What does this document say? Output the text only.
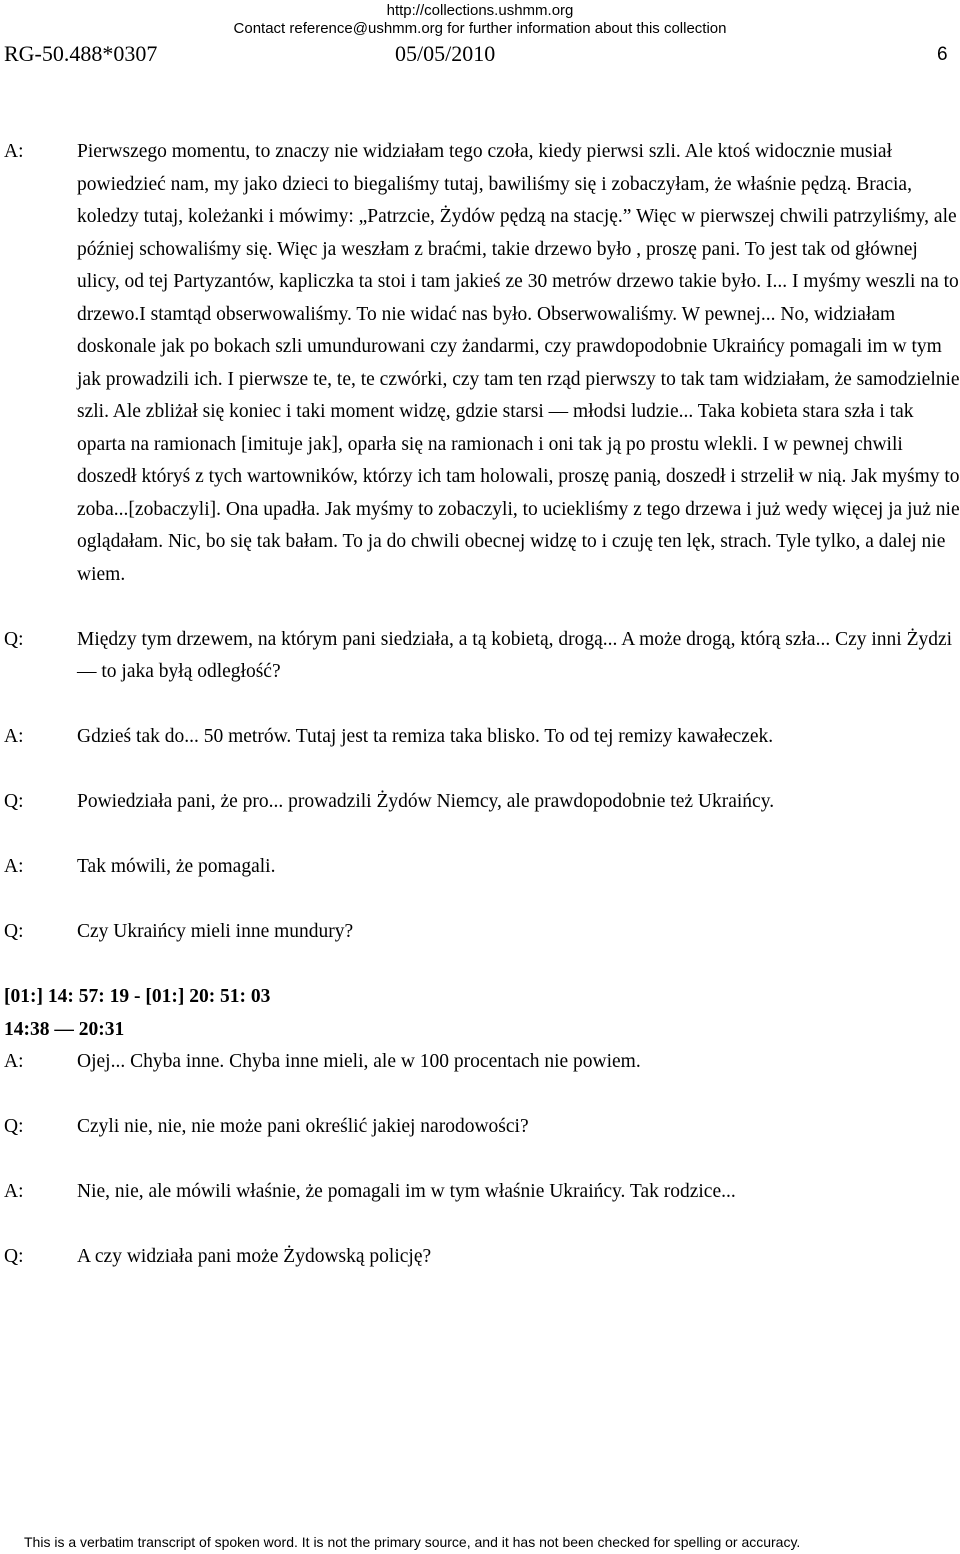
http://collections.ushmm.org
Contact reference@ushmm.org for further information about this collection
RG-50.488*0307	05/05/2010	6
A:	Pierwszego momentu, to znaczy nie widziałam tego czoła, kiedy pierwsi szli. Ale ktoś widocznie musiał powiedzieć nam, my jako dzieci to biegaliśmy tutaj, bawiliśmy się i zobaczyłam, że właśnie pędzą. Bracia, koledzy tutaj, koleżanki i mówimy: „Patrzcie, Żydów pędzą na stację.” Więc w pierwszej chwili patrzyliśmy, ale później schowaliśmy się. Więc ja weszłam z braćmi, takie drzewo było , proszę pani. To jest tak od głównej ulicy, od tej Partyzantów, kapliczka ta stoi i tam jakieś ze 30 metrów drzewo takie było. I... I myśmy weszli na to drzewo.I stamtąd obserwowaliśmy. To nie widać nas było. Obserwowaliśmy. W pewnej... No, widziałam doskonale jak po bokach szli umundurowani czy żandarmi, czy prawdopodobnie Ukraińcy pomagali im w tym jak prowadzili ich. I pierwsze te, te, te czwórki, czy tam ten rząd pierwszy to tak tam widziałam, że samodzielnie szli. Ale zbliżał się koniec i taki moment widzę, gdzie starsi — młodsi ludzie... Taka kobieta stara szła i tak oparta na ramionach [imituje jak], oparła się na ramionach i oni tak ją po prostu wlekli. I w pewnej chwili doszedł któryś z tych wartowników, którzy ich tam holowali, proszę panią, doszedł i strzelił w nią. Jak myśmy to zoba...[zobaczyli]. Ona upadła. Jak myśmy to zobaczyli, to uciekliśmy z tego drzewa i już wedy więcej ja już nie oglądałam. Nic, bo się tak bałam. To ja do chwili obecnej widzę to i czuję ten lęk, strach. Tyle tylko, a dalej nie wiem.
Q:	Między tym drzewem, na którym pani siedziała, a tą kobietą, drogą... A może drogą, którą szła... Czy inni Żydzi — to jaka byłą odległość?
A:	Gdzieś tak do... 50 metrów. Tutaj jest ta remiza taka blisko. To od tej remizy kawałeczek.
Q:	Powiedziała pani, że pro... prowadzili Żydów Niemcy, ale prawdopodobnie też Ukraińcy.
A:	Tak mówili, że pomagali.
Q:	Czy Ukraińcy mieli inne mundury?
[01:] 14: 57: 19 - [01:] 20: 51: 03
14:38 — 20:31
A:	Ojej... Chyba inne. Chyba inne mieli, ale w 100 procentach nie powiem.
Q:	Czyli nie, nie, nie może pani określić jakiej narodowości?
A:	Nie, nie, ale mówili właśnie, że pomagali im w tym właśnie Ukraińcy. Tak rodzice...
Q:	A czy widziała pani może Żydowską policję?
This is a verbatim transcript of spoken word. It is not the primary source, and it has not been checked for spelling or accuracy.
